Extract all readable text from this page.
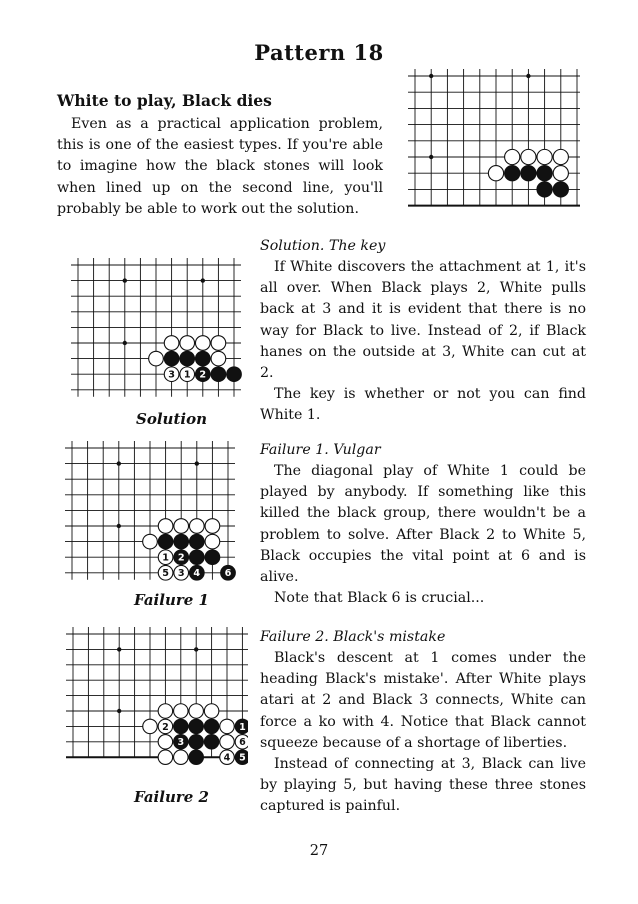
Pattern 18
White to play, Black dies
Even as a practical application problem,
this is one of the easiest types. If you're able
to imagine how the black stones will look
when lined up on the second line, you'll
probably be able to work out the solution.
3 1 2
Solution
Solution. The key

If White discovers the attachment at 1, it's all over. When Black plays 2, White pulls back at 3 and it is evident that there is no way for Black to live. Instead of 2, if Black hanes on the outside at 3, White can cut at 2.

The key is whether or not you can find White 1.

1 2
5 3 4	6
Failure 1
Failure 1. Vulgar

The diagonal play of White 1 could be played by anybody. If something like this killed the black group, there wouldn't be a problem to solve. After Black 2 to White 5, Black occupies the vital point at 6 and is alive.

Note that Black 6 is crucial...

2	1
3	6
4 5
Failure 2
Failure 2. Black's mistake

Black's descent at 1 comes under the heading Black's mistake'. After White plays atari at 2 and Black 3 connects, White can force a ko with 4. Notice that Black cannot squeeze because of a shortage of liberties.

Instead of connecting at 3, Black can live by playing 5, but having these three stones captured is painful.

27
